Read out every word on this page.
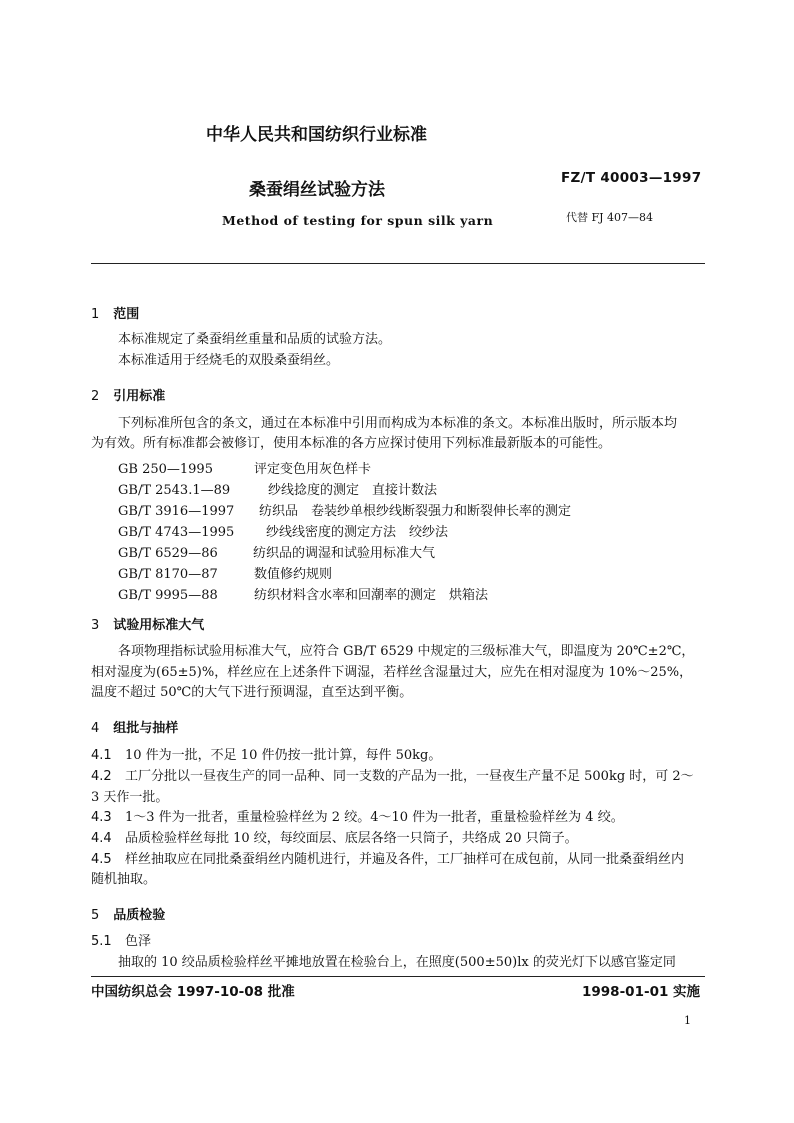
中华人民共和国纺织行业标准
桑蚕绢丝试验方法
FZ/T 40003—1997
Method of testing for spun silk yarn	代替 FJ 407—84
1 范围
本标准规定了桑蚕绢丝重量和品质的试验方法。
本标准适用于经烧毛的双股桑蚕绢丝。
2 引用标准
下列标准所包含的条文，通过在本标准中引用而构成为本标准的条文。本标准出版时，所示版本均
为有效。所有标准都会被修订，使用本标准的各方应探讨使用下列标准最新版本的可能性。
GB 250—1995	评定变色用灰色样卡
GB/T 2543.1—89	纱线捻度的测定　直接计数法
GB/T 3916—1997 纺织品　卷装纱单根纱线断裂强力和断裂伸长率的测定
GB/T 4743—1995 纱线线密度的测定方法　绞纱法
GB/T 6529—86	纺织品的调湿和试验用标准大气
GB/T 8170—87	数值修约规则
GB/T 9995—88	纺织材料含水率和回潮率的测定　烘箱法
3 试验用标准大气
各项物理指标试验用标准大气，应符合 GB/T 6529 中规定的三级标准大气，即温度为 20℃±2℃，
相对湿度为(65±5)%，样丝应在上述条件下调湿，若样丝含湿量过大，应先在相对湿度为 10%～25%，
温度不超过 50℃的大气下进行预调湿，直至达到平衡。
4 组批与抽样
4.1 10 件为一批，不足 10 件仍按一批计算，每件 50kg。
4.2 工厂分批以一昼夜生产的同一品种、同一支数的产品为一批，一昼夜生产量不足 500kg 时，可 2～
3 天作一批。
4.3 1～3 件为一批者，重量检验样丝为 2 绞。4～10 件为一批者，重量检验样丝为 4 绞。
4.4 品质检验样丝每批 10 绞，每绞面层、底层各络一只筒子，共络成 20 只筒子。
4.5 样丝抽取应在同批桑蚕绢丝内随机进行，并遍及各件，工厂抽样可在成包前，从同一批桑蚕绢丝内
随机抽取。
5 品质检验
5.1 色泽
抽取的 10 绞品质检验样丝平摊地放置在检验台上，在照度(500±50)lx 的荧光灯下以感官鉴定同
中国纺织总会 1997-10-08 批准	1998-01-01 实施
1
